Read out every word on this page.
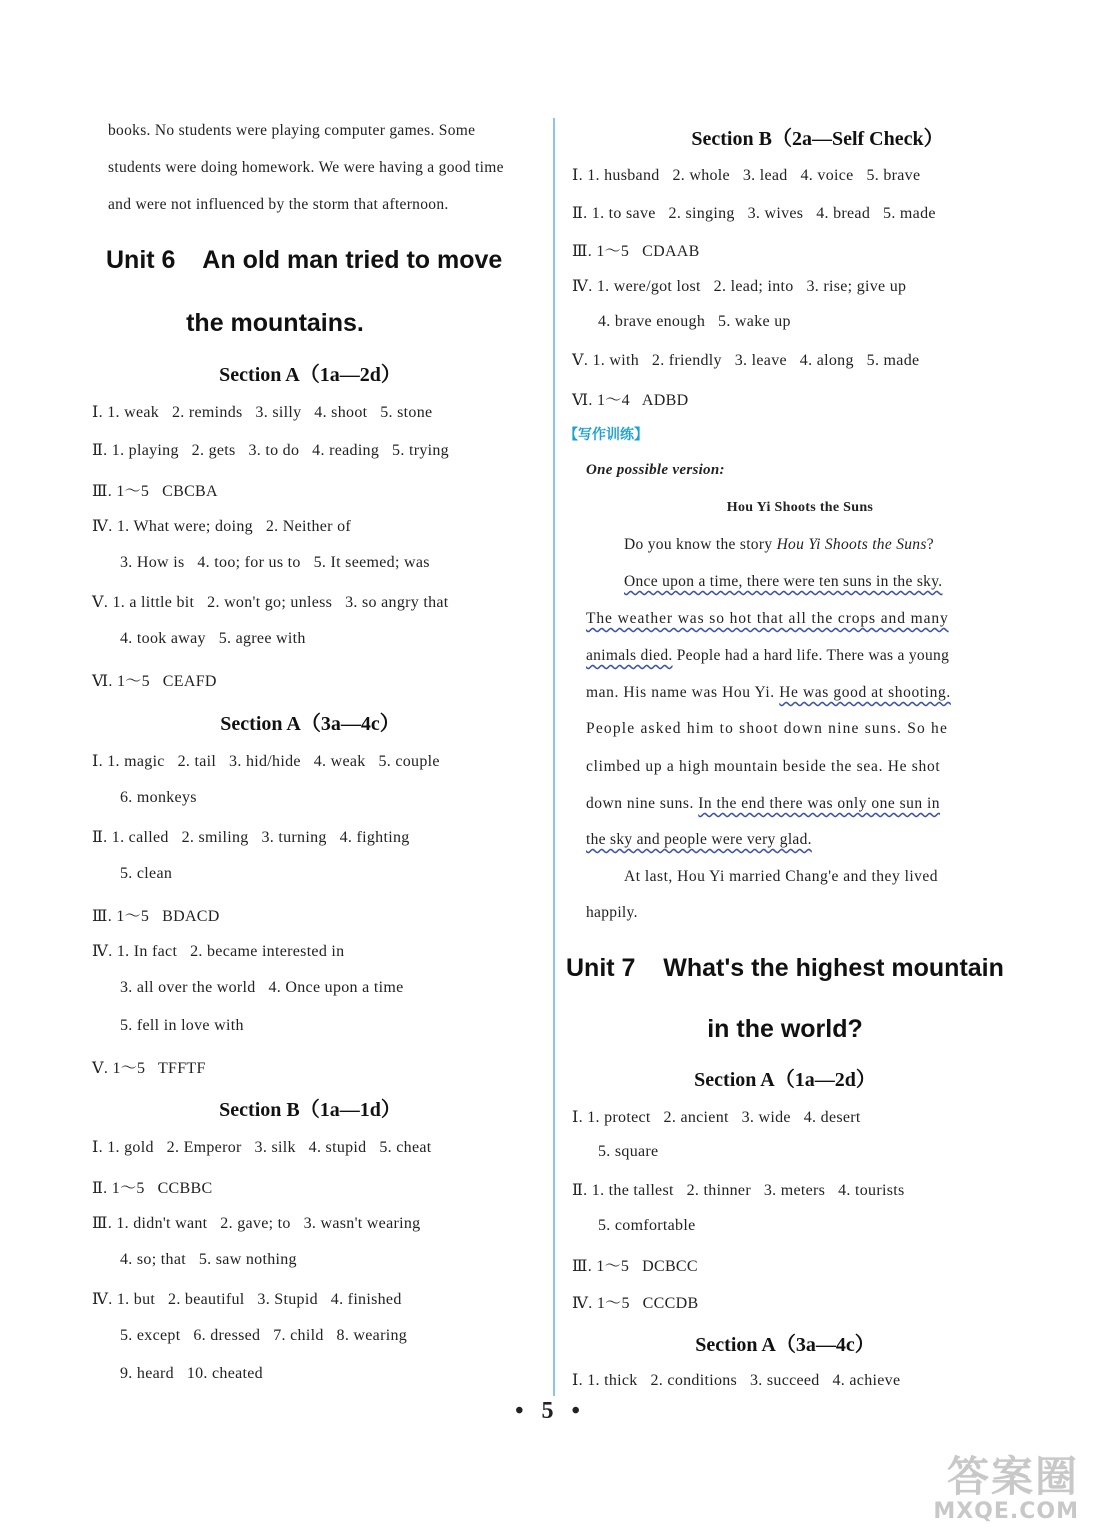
books. No students were playing computer games. Some
students were doing homework. We were having a good time
and were not influenced by the storm that afternoon.
Unit 6    An old man tried to move
the mountains.
Section A（1a—2d）
Ⅰ. 1. weak   2. reminds   3. silly   4. shoot   5. stone
Ⅱ. 1. playing   2. gets   3. to do   4. reading   5. trying
Ⅲ. 1～5   CBCBA
Ⅳ. 1. What were; doing   2. Neither of
3. How is   4. too; for us to   5. It seemed; was
Ⅴ. 1. a little bit   2. won't go; unless   3. so angry that
4. took away   5. agree with
Ⅵ. 1～5   CEAFD
Section A（3a—4c）
Ⅰ. 1. magic   2. tail   3. hid/hide   4. weak   5. couple
6. monkeys
Ⅱ. 1. called   2. smiling   3. turning   4. fighting
5. clean
Ⅲ. 1～5   BDACD
Ⅳ. 1. In fact   2. became interested in
3. all over the world   4. Once upon a time
5. fell in love with
Ⅴ. 1～5   TFFTF
Section B（1a—1d）
Ⅰ. 1. gold   2. Emperor   3. silk   4. stupid   5. cheat
Ⅱ. 1～5   CCBBC
Ⅲ. 1. didn't want   2. gave; to   3. wasn't wearing
4. so; that   5. saw nothing
Ⅳ. 1. but   2. beautiful   3. Stupid   4. finished
5. except   6. dressed   7. child   8. wearing
9. heard   10. cheated
Section B（2a—Self Check）
Ⅰ. 1. husband   2. whole   3. lead   4. voice   5. brave
Ⅱ. 1. to save   2. singing   3. wives   4. bread   5. made
Ⅲ. 1～5   CDAAB
Ⅳ. 1. were/got lost   2. lead; into   3. rise; give up
4. brave enough   5. wake up
Ⅴ. 1. with   2. friendly   3. leave   4. along   5. made
Ⅵ. 1～4   ADBD
【写作训练】
One possible version:
Hou Yi Shoots the Suns
Do you know the story Hou Yi Shoots the Suns?
Once upon a time, there were ten suns in the sky.
The weather was so hot that all the crops and many
animals died. People had a hard life. There was a young
man. His name was Hou Yi. He was good at shooting.
People asked him to shoot down nine suns. So he
climbed up a high mountain beside the sea. He shot
down nine suns. In the end there was only one sun in
the sky and people were very glad.
At last, Hou Yi married Chang'e and they lived
happily.
Unit 7    What's the highest mountain
in the world?
Section A（1a—2d）
Ⅰ. 1. protect   2. ancient   3. wide   4. desert
5. square
Ⅱ. 1. the tallest   2. thinner   3. meters   4. tourists
5. comfortable
Ⅲ. 1～5   DCBCC
Ⅳ. 1～5   CCCDB
Section A（3a—4c）
Ⅰ. 1. thick   2. conditions   3. succeed   4. achieve
• 5 •
答案圈
MXQE.COM
